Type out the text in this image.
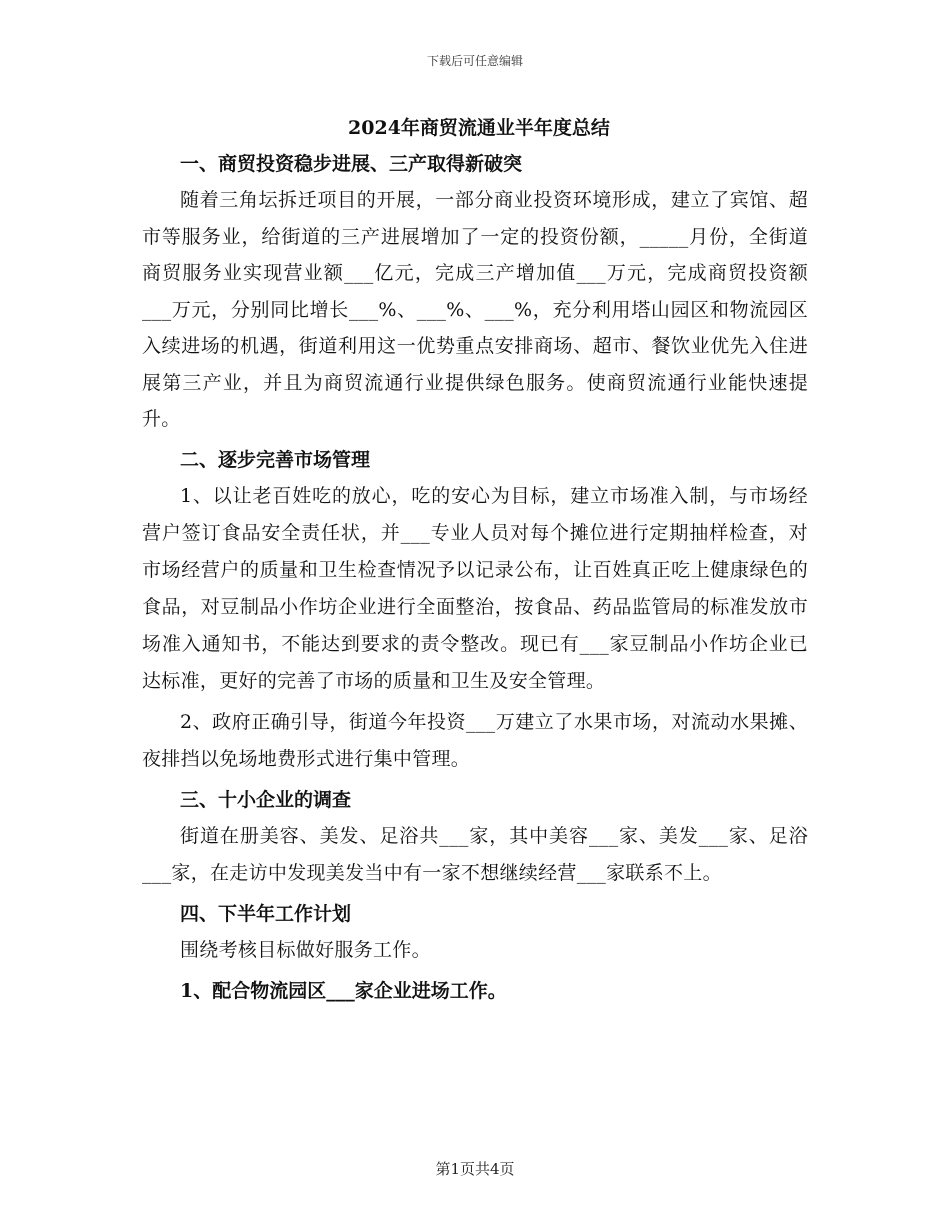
下载后可任意编辑

2024年商贸流通业半年度总结

一、商贸投资稳步进展、三产取得新破突

随着三角坛拆迁项目的开展，一部分商业投资环境形成，建立了宾馆、超市等服务业，给街道的三产进展增加了一定的投资份额，_____月份，全街道商贸服务业实现营业额___亿元，完成三产增加值___万元，完成商贸投资额___万元，分别同比增长___%、___%、___%，充分利用塔山园区和物流园区入续进场的机遇，街道利用这一优势重点安排商场、超市、餐饮业优先入住进展第三产业，并且为商贸流通行业提供绿色服务。使商贸流通行业能快速提升。

二、逐步完善市场管理

1、以让老百姓吃的放心，吃的安心为目标，建立市场准入制，与市场经营户签订食品安全责任状，并___专业人员对每个摊位进行定期抽样检查，对市场经营户的质量和卫生检查情况予以记录公布，让百姓真正吃上健康绿色的食品，对豆制品小作坊企业进行全面整治，按食品、药品监管局的标准发放市场准入通知书，不能达到要求的责令整改。现已有___家豆制品小作坊企业已达标准，更好的完善了市场的质量和卫生及安全管理。

2、政府正确引导，街道今年投资___万建立了水果市场，对流动水果摊、夜排挡以免场地费形式进行集中管理。

三、十小企业的调查

街道在册美容、美发、足浴共___家，其中美容___家、美发___家、足浴___家，在走访中发现美发当中有一家不想继续经营___家联系不上。

四、下半年工作计划

围绕考核目标做好服务工作。

1、配合物流园区___家企业进场工作。

第1页共4页
